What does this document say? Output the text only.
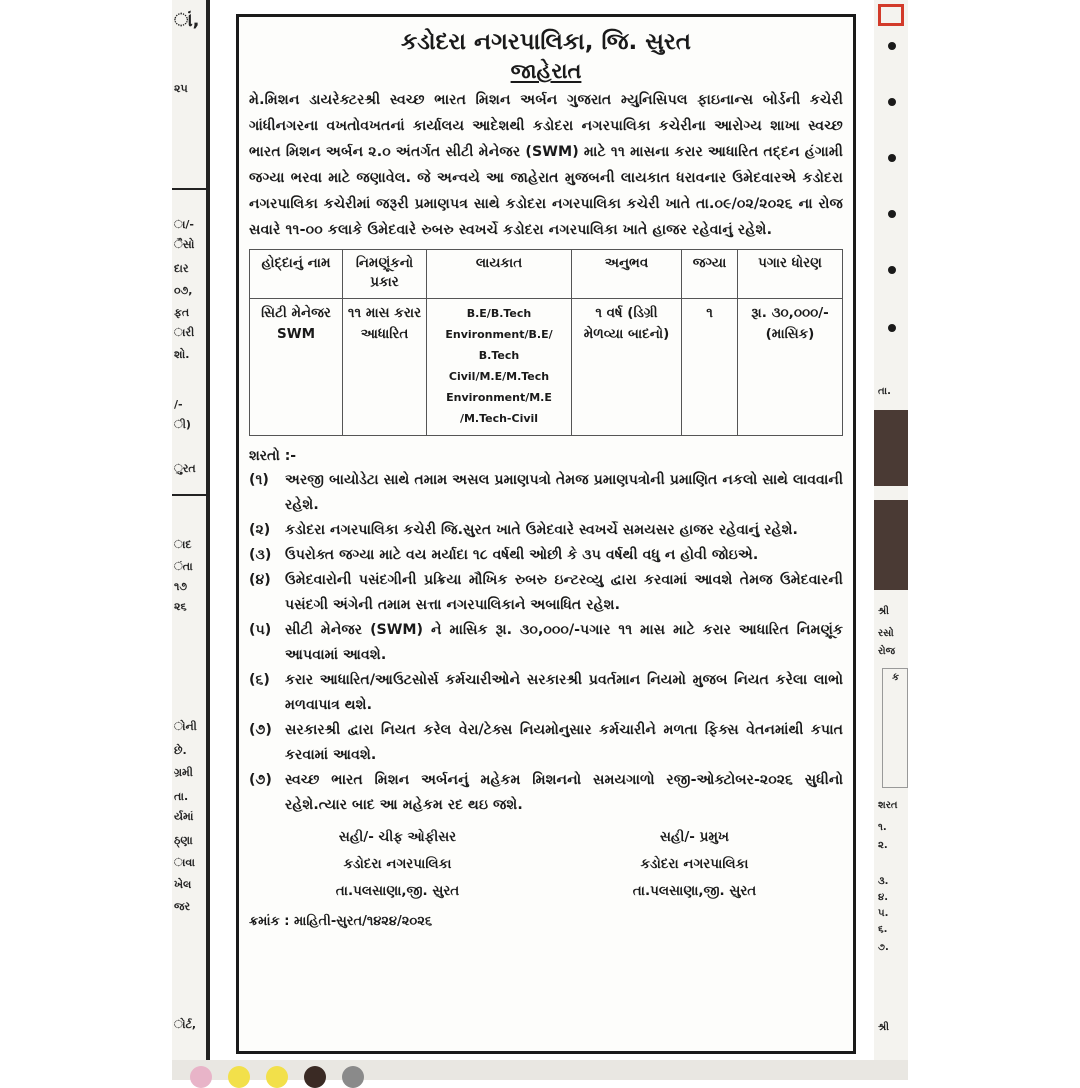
ાં,
૨૫
ા/-
ૈસો
દાર
૦૭,
ફત
ારી
શો.
/-
ી)
ુરત
ાદ
ંતા
૧૭
૨૬
ોની
છે.
ગ્રમી
તા.
ર્યમાં
ઠ્ણા
ાવા
ખેલ
જર
ોર્ટ,
તા.
શ્રી
રસો
રોજ
ક
શરત
૧.
૨.
૩.
૪.
૫.
૬.
૭.
શ્રી
કડોદરા નગરપાલિકા, જિ. સુરત
જાહેરાત
મે.મિશન ડાયરેક્ટરશ્રી સ્વચ્છ ભારત મિશન અર્બન ગુજરાત મ્યુનિસિપલ ફાઇનાન્સ બોર્ડની કચેરી ગાંધીનગરના વખતોવખતનાં કાર્યાલય આદેશથી કડોદરા નગરપાલિકા કચેરીના આરોગ્ય શાખા સ્વચ્છ ભારત મિશન અર્બન ૨.૦ અંતર્ગત સીટી મેનેજર (SWM) માટે ૧૧ માસના કરાર આધારિત તદ્દન હંગામી જગ્યા ભરવા માટે જણાવેલ. જે અન્વયે આ જાહેરાત મુજબની લાયકાત ધરાવનાર ઉમેદવારએ કડોદરા નગરપાલિકા કચેરીમાં જરૂરી પ્રમાણપત્ર સાથે કડોદરા નગરપાલિકા કચેરી ખાતે તા.૦૯/૦૨/૨૦૨૬ ના રોજ સવારે ૧૧-૦૦ કલાકે ઉમેદવારે રુબરુ સ્વખર્ચે કડોદરા નગરપાલિકા ખાતે હાજર રહેવાનું રહેશે.
હોદ્દાનું નામ	નિમણૂંકનો પ્રકાર	લાયકાત	અનુભવ	જગ્યા	પગાર ધોરણ
સિટી મેનેજર SWM	૧૧ માસ કરાર આધારિત	B.E/B.Tech Environment/B.E/ B.Tech Civil/M.E/M.Tech Environment/M.E /M.Tech-Civil	૧ વર્ષ (ડિગ્રી મેળવ્યા બાદનો)	૧	રૂા. ૩૦,૦૦૦/- (માસિક)
શરતો :-
(૧)	અરજી બાયોડેટા સાથે તમામ અસલ પ્રમાણપત્રો તેમજ પ્રમાણપત્રોની પ્રમાણિત નકલો સાથે લાવવાની રહેશે.
(૨)	કડોદરા નગરપાલિકા કચેરી જિ.સુરત ખાતે ઉમેદવારે સ્વખર્ચે સમયસર હાજર રહેવાનું રહેશે.
(૩) ઉપરોક્ત જગ્યા માટે વય મર્યાદા ૧૮ વર્ષથી ઓછી કે ૩૫ વર્ષથી વધુ ન હોવી જોઇએ.
(૪)	ઉમેદવારોની પસંદગીની પ્રક્રિયા મૌખિક રુબરુ ઇન્ટરવ્યુ દ્વારા કરવામાં આવશે તેમજ ઉમેદવારની પસંદગી અંગેની તમામ સત્તા નગરપાલિકાને અબાધિત રહેશ.
(૫) સીટી મેનેજર (SWM) ને માસિક રૂા. ૩૦,૦૦૦/-પગાર ૧૧ માસ માટે કરાર આધારિત નિમણૂંક આપવામાં આવશે.
(૬)	કરાર આધારિત/આઉટસોર્સ કર્મચારીઓને સરકારશ્રી પ્રવર્તમાન નિયમો મુજબ નિયત કરેલા લાભો મળવાપાત્ર થશે.
(૭) સરકારશ્રી દ્વારા નિયત કરેલ વેરા/ટેક્સ નિયમોનુસાર કર્મચારીને મળતા ફિક્સ વેતનમાંથી કપાત કરવામાં આવશે.
(૭) સ્વચ્છ ભારત મિશન અર્બનનું મહેકમ મિશનનો સમયગાળો રજી-ઓક્ટોબર-૨૦૨૬ સુધીનો રહેશે.ત્યાર બાદ આ મહેકમ રદ થઇ જશે.
સહી/- ચીફ ઓફીસર
કડોદરા નગરપાલિકા
તા.પલસાણા,જી. સુરત
સહી/- પ્રમુખ
કડોદરા નગરપાલિકા
તા.પલસાણા,જી. સુરત
ક્રમાંક : માહિતી-સુરત/૧૪૨૪/૨૦૨૬
